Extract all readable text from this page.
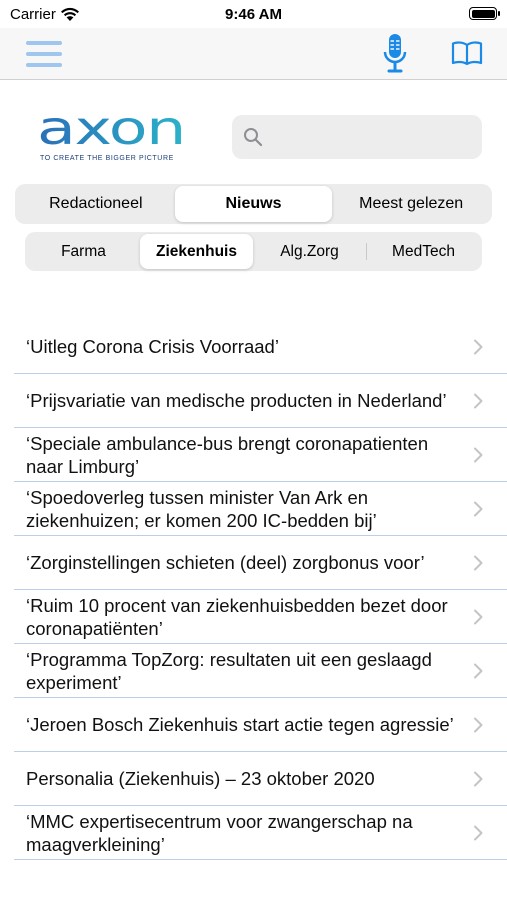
Carrier	9:46 AM
axon
TO CREATE THE BIGGER PICTURE
Redactioneel	Nieuws	Meest gelezen
Farma	Ziekenhuis	Alg.Zorg	MedTech
‘Uitleg Corona Crisis Voorraad’
‘Prijsvariatie van medische producten in Nederland’
‘Speciale ambulance-bus brengt coronapatienten naar Limburg’
‘Spoedoverleg tussen minister Van Ark en ziekenhuizen; er komen 200 IC-bedden bij’
‘Zorginstellingen schieten (deel) zorgbonus voor’
‘Ruim 10 procent van ziekenhuisbedden bezet door coronapatiënten’
‘Programma TopZorg: resultaten uit een geslaagd experiment’
‘Jeroen Bosch Ziekenhuis start actie tegen agressie’
Personalia (Ziekenhuis) – 23 oktober 2020
‘MMC expertisecentrum voor zwangerschap na maagverkleining’
